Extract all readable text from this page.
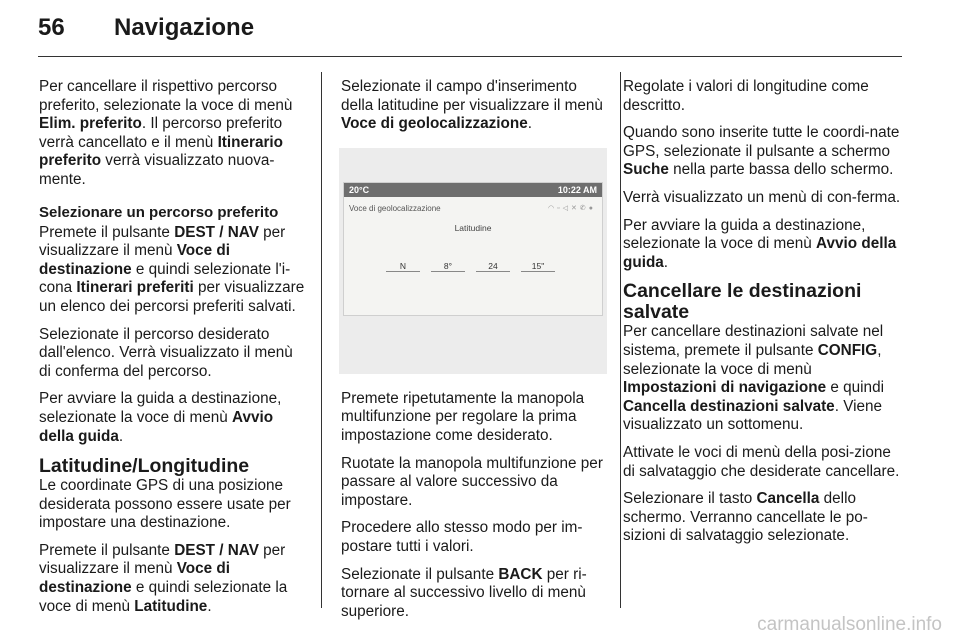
56	Navigazione

Per cancellare il rispettivo percorso preferito, selezionate la voce di menù Elim. preferito. Il percorso preferito verrà cancellato e il menù Itinerario preferito verrà visualizzato nuova-mente.

Selezionare un percorso preferito

Premete il pulsante DEST / NAV per visualizzare il menù Voce di destinazione e quindi selezionate l'i-cona Itinerari preferiti per visualizzare un elenco dei percorsi preferiti salvati.

Selezionate il percorso desiderato dall'elenco. Verrà visualizzato il menù di conferma del percorso.

Per avviare la guida a destinazione, selezionate la voce di menù Avvio della guida.

Latitudine/Longitudine

Le coordinate GPS di una posizione desiderata possono essere usate per impostare una destinazione.

Premete il pulsante DEST / NAV per visualizzare il menù Voce di destinazione e quindi selezionate la voce di menù Latitudine.

Selezionate il campo d'inserimento della latitudine per visualizzare il menù Voce di geolocalizzazione.

20°C	10:22 AM
Voce di geolocalizzazione	◠▫◁✕✆●
Latitudine
N	8°	24	15"

Premete ripetutamente la manopola multifunzione per regolare la prima impostazione come desiderato.

Ruotate la manopola multifunzione per passare al valore successivo da impostare.

Procedere allo stesso modo per im-postare tutti i valori.

Selezionate il pulsante BACK per ri-tornare al successivo livello di menù superiore.

Regolate i valori di longitudine come descritto.

Quando sono inserite tutte le coordi-nate GPS, selezionate il pulsante a schermo Suche nella parte bassa dello schermo.

Verrà visualizzato un menù di con-ferma.

Per avviare la guida a destinazione, selezionate la voce di menù Avvio della guida.

Cancellare le destinazioni salvate

Per cancellare destinazioni salvate nel sistema, premete il pulsante CONFIG, selezionate la voce di menù Impostazioni di navigazione e quindi Cancella destinazioni salvate. Viene visualizzato un sottomenu.

Attivate le voci di menù della posi-zione di salvataggio che desiderate cancellare.

Selezionare il tasto Cancella dello schermo. Verranno cancellate le po-sizioni di salvataggio selezionate.

carmanualsonline.info
